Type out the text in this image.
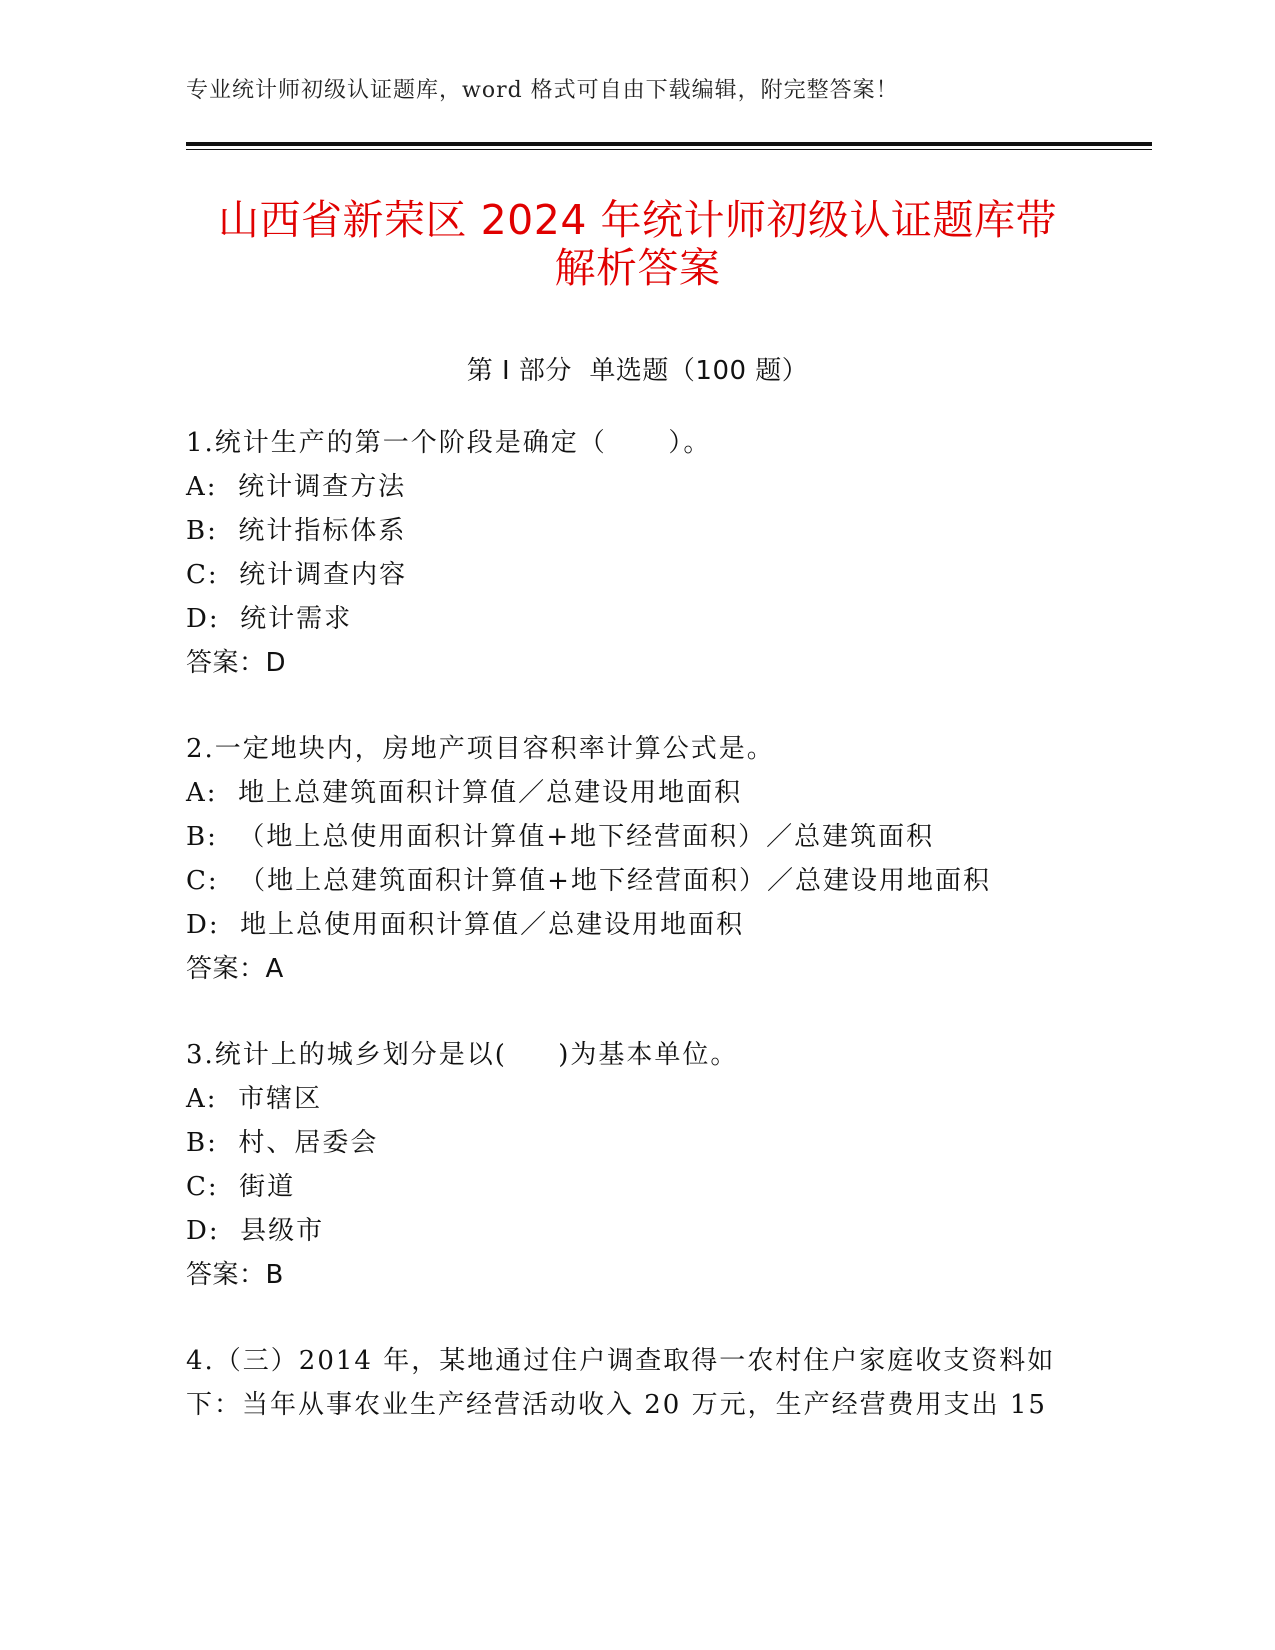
专业统计师初级认证题库，word 格式可自由下载编辑，附完整答案！
山西省新荣区 2024 年统计师初级认证题库带
解析答案
第 I 部分  单选题（100 题）
1.统计生产的第一个阶段是确定（      ）。
A:  统计调查方法
B:  统计指标体系
C:  统计调查内容
D:  统计需求
答案：D
2.一定地块内，房地产项目容积率计算公式是。
A:  地上总建筑面积计算值／总建设用地面积
B:  （地上总使用面积计算值+地下经营面积）／总建筑面积
C:  （地上总建筑面积计算值+地下经营面积）／总建设用地面积
D:  地上总使用面积计算值／总建设用地面积
答案：A
3.统计上的城乡划分是以(     )为基本单位。
A:  市辖区
B:  村、居委会
C:  街道
D:  县级市
答案：B
4.（三）2014 年，某地通过住户调查取得一农村住户家庭收支资料如
下：当年从事农业生产经营活动收入 20 万元，生产经营费用支出 15
